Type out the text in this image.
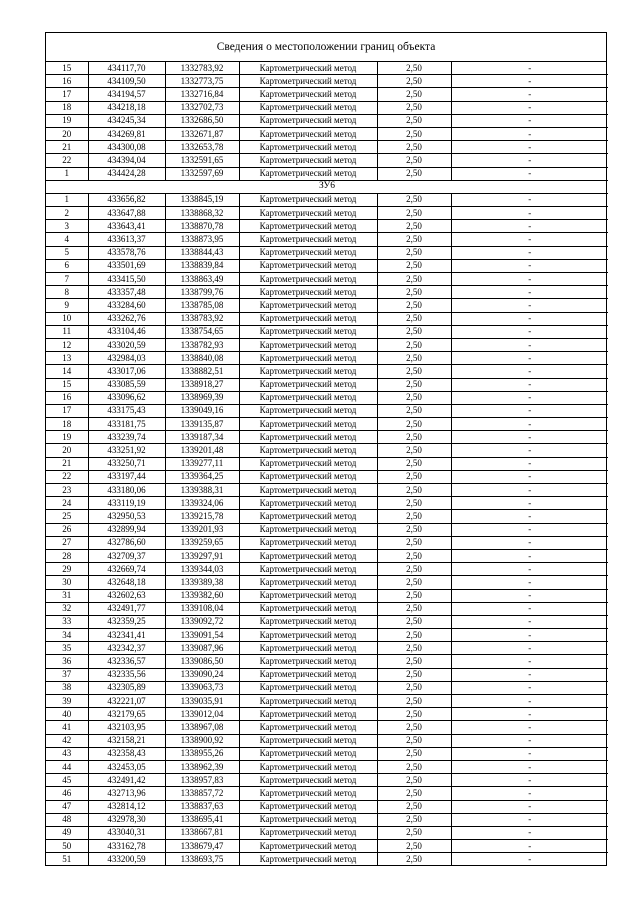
Сведения о местоположении границ объекта
15	434117,70	1332783,92	Картометрический метод	2,50	-
16	434109,50	1332773,75	Картометрический метод	2,50	-
17	434194,57	1332716,84	Картометрический метод	2,50	-
18	434218,18	1332702,73	Картометрический метод	2,50	-
19	434245,34	1332686,50	Картометрический метод	2,50	-
20	434269,81	1332671,87	Картометрический метод	2,50	-
21	434300,08	1332653,78	Картометрический метод	2,50	-
22	434394,04	1332591,65	Картометрический метод	2,50	-
1	434424,28	1332597,69	Картометрический метод	2,50	-
ЗУ6					
1	433656,82	1338845,19	Картометрический метод	2,50	-
2	433647,88	1338868,32	Картометрический метод	2,50	-
3	433643,41	1338870,78	Картометрический метод	2,50	-
4	433613,37	1338873,95	Картометрический метод	2,50	-
5	433578,76	1338844,43	Картометрический метод	2,50	-
6	433501,69	1338839,84	Картометрический метод	2,50	-
7	433415,50	1338863,49	Картометрический метод	2,50	-
8	433357,48	1338799,76	Картометрический метод	2,50	-
9	433284,60	1338785,08	Картометрический метод	2,50	-
10	433262,76	1338783,92	Картометрический метод	2,50	-
11	433104,46	1338754,65	Картометрический метод	2,50	-
12	433020,59	1338782,93	Картометрический метод	2,50	-
13	432984,03	1338840,08	Картометрический метод	2,50	-
14	433017,06	1338882,51	Картометрический метод	2,50	-
15	433085,59	1338918,27	Картометрический метод	2,50	-
16	433096,62	1338969,39	Картометрический метод	2,50	-
17	433175,43	1339049,16	Картометрический метод	2,50	-
18	433181,75	1339135,87	Картометрический метод	2,50	-
19	433239,74	1339187,34	Картометрический метод	2,50	-
20	433251,92	1339201,48	Картометрический метод	2,50	-
21	433250,71	1339277,11	Картометрический метод	2,50	-
22	433197,44	1339364,25	Картометрический метод	2,50	-
23	433180,06	1339388,31	Картометрический метод	2,50	-
24	433119,19	1339324,06	Картометрический метод	2,50	-
25	432950,53	1339215,78	Картометрический метод	2,50	-
26	432899,94	1339201,93	Картометрический метод	2,50	-
27	432786,60	1339259,65	Картометрический метод	2,50	-
28	432709,37	1339297,91	Картометрический метод	2,50	-
29	432669,74	1339344,03	Картометрический метод	2,50	-
30	432648,18	1339389,38	Картометрический метод	2,50	-
31	432602,63	1339382,60	Картометрический метод	2,50	-
32	432491,77	1339108,04	Картометрический метод	2,50	-
33	432359,25	1339092,72	Картометрический метод	2,50	-
34	432341,41	1339091,54	Картометрический метод	2,50	-
35	432342,37	1339087,96	Картометрический метод	2,50	-
36	432336,57	1339086,50	Картометрический метод	2,50	-
37	432335,56	1339090,24	Картометрический метод	2,50	-
38	432305,89	1339063,73	Картометрический метод	2,50	-
39	432221,07	1339035,91	Картометрический метод	2,50	-
40	432179,65	1339012,04	Картометрический метод	2,50	-
41	432103,95	1338967,08	Картометрический метод	2,50	-
42	432158,21	1338900,92	Картометрический метод	2,50	-
43	432358,43	1338955,26	Картометрический метод	2,50	-
44	432453,05	1338962,39	Картометрический метод	2,50	-
45	432491,42	1338957,83	Картометрический метод	2,50	-
46	432713,96	1338857,72	Картометрический метод	2,50	-
47	432814,12	1338837,63	Картометрический метод	2,50	-
48	432978,30	1338695,41	Картометрический метод	2,50	-
49	433040,31	1338667,81	Картометрический метод	2,50	-
50	433162,78	1338679,47	Картометрический метод	2,50	-
51	433200,59	1338693,75	Картометрический метод	2,50	-
